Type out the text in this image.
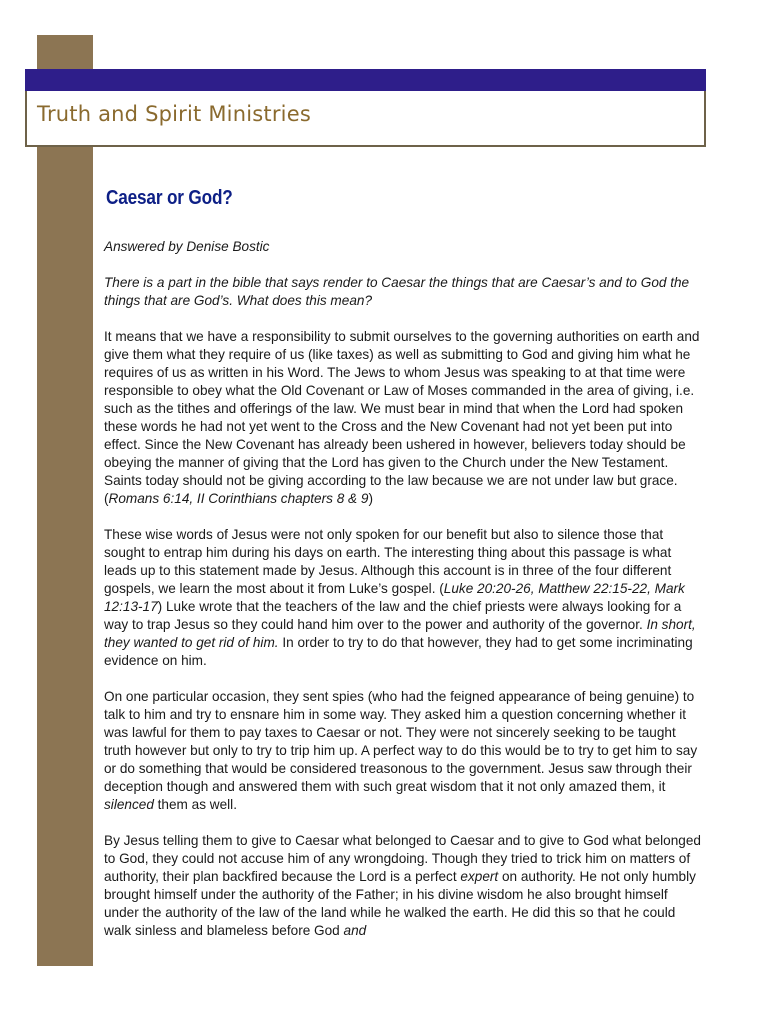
Truth and Spirit Ministries
Caesar or God?

Answered by Denise Bostic

There is a part in the bible that says render to Caesar the things that are Caesar’s and to God the things that are God’s. What does this mean?

It means that we have a responsibility to submit ourselves to the governing authorities on earth and give them what they require of us (like taxes) as well as submitting to God and giving him what he requires of us as written in his Word. The Jews to whom Jesus was speaking to at that time were responsible to obey what the Old Covenant or Law of Moses commanded in the area of giving, i.e. such as the tithes and offerings of the law. We must bear in mind that when the Lord had spoken these words he had not yet went to the Cross and the New Covenant had not yet been put into effect. Since the New Covenant has already been ushered in however, believers today should be obeying the manner of giving that the Lord has given to the Church under the New Testament. Saints today should not be giving according to the law because we are not under law but grace. (Romans 6:14, II Corinthians chapters 8 & 9)

These wise words of Jesus were not only spoken for our benefit but also to silence those that sought to entrap him during his days on earth. The interesting thing about this passage is what leads up to this statement made by Jesus. Although this account is in three of the four different gospels, we learn the most about it from Luke’s gospel. (Luke 20:20-26, Matthew 22:15-22, Mark 12:13-17) Luke wrote that the teachers of the law and the chief priests were always looking for a way to trap Jesus so they could hand him over to the power and authority of the governor. In short, they wanted to get rid of him. In order to try to do that however, they had to get some incriminating evidence on him.

On one particular occasion, they sent spies (who had the feigned appearance of being genuine) to talk to him and try to ensnare him in some way. They asked him a question concerning whether it was lawful for them to pay taxes to Caesar or not. They were not sincerely seeking to be taught truth however but only to try to trip him up. A perfect way to do this would be to try to get him to say or do something that would be considered treasonous to the government. Jesus saw through their deception though and answered them with such great wisdom that it not only amazed them, it silenced them as well.

By Jesus telling them to give to Caesar what belonged to Caesar and to give to God what belonged to God, they could not accuse him of any wrongdoing. Though they tried to trick him on matters of authority, their plan backfired because the Lord is a perfect expert on authority. He not only humbly brought himself under the authority of the Father; in his divine wisdom he also brought himself under the authority of the law of the land while he walked the earth. He did this so that he could walk sinless and blameless before God and
